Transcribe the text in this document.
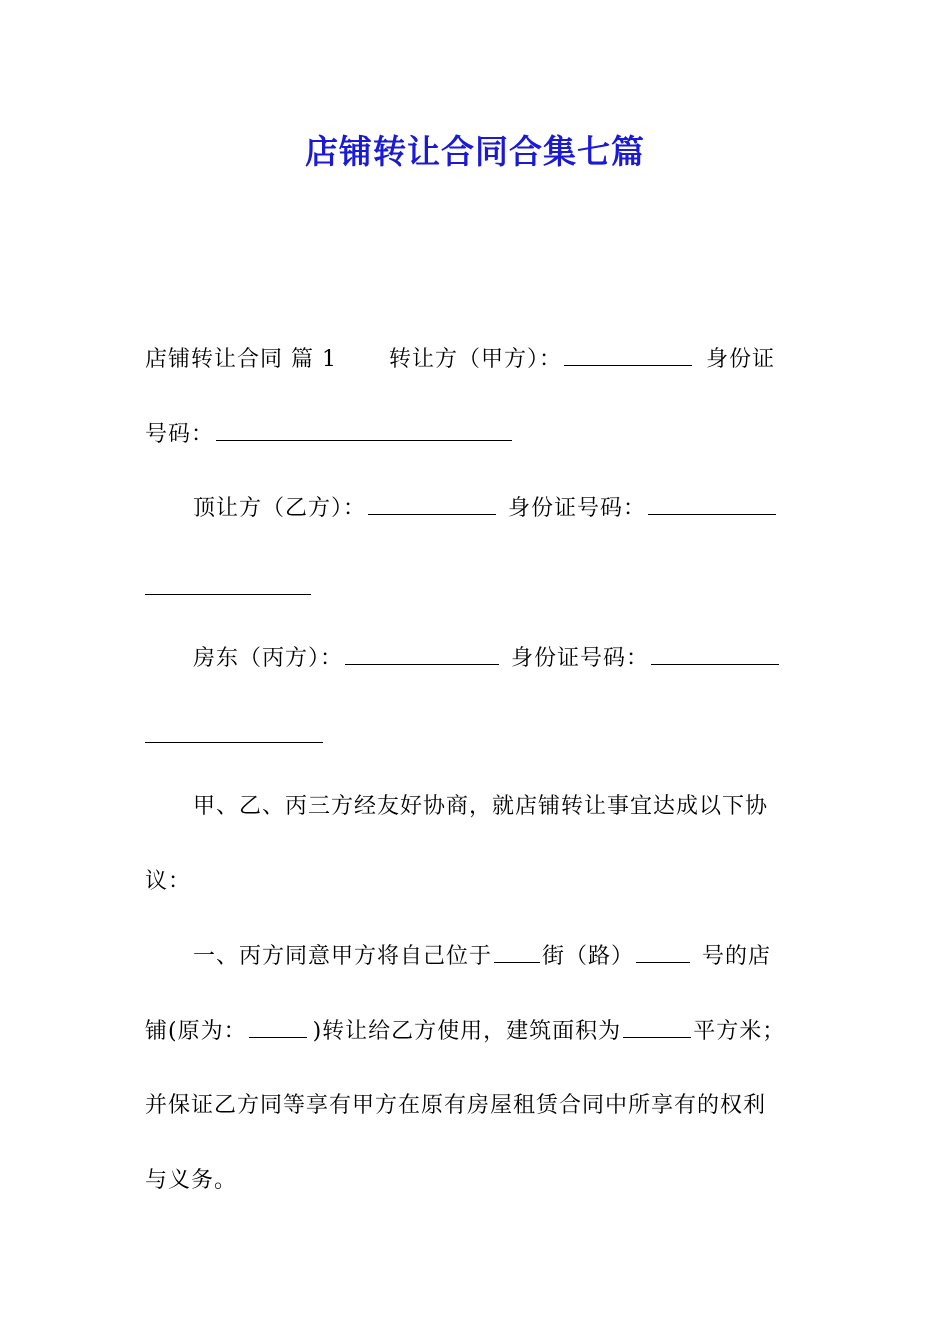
店铺转让合同合集七篇
店铺转让合同 篇 1 转让方（甲方）：	身份证
号码：
顶让方（乙方）：	身份证号码：
房东（丙方）：	身份证号码：
甲、乙、丙三方经友好协商，就店铺转让事宜达成以下协
议：
一、丙方同意甲方将自己位于 街（路）	号的店
铺(原为：	)转让给乙方使用，建筑面积为	平方米；
并保证乙方同等享有甲方在原有房屋租赁合同中所享有的权利
与义务。
